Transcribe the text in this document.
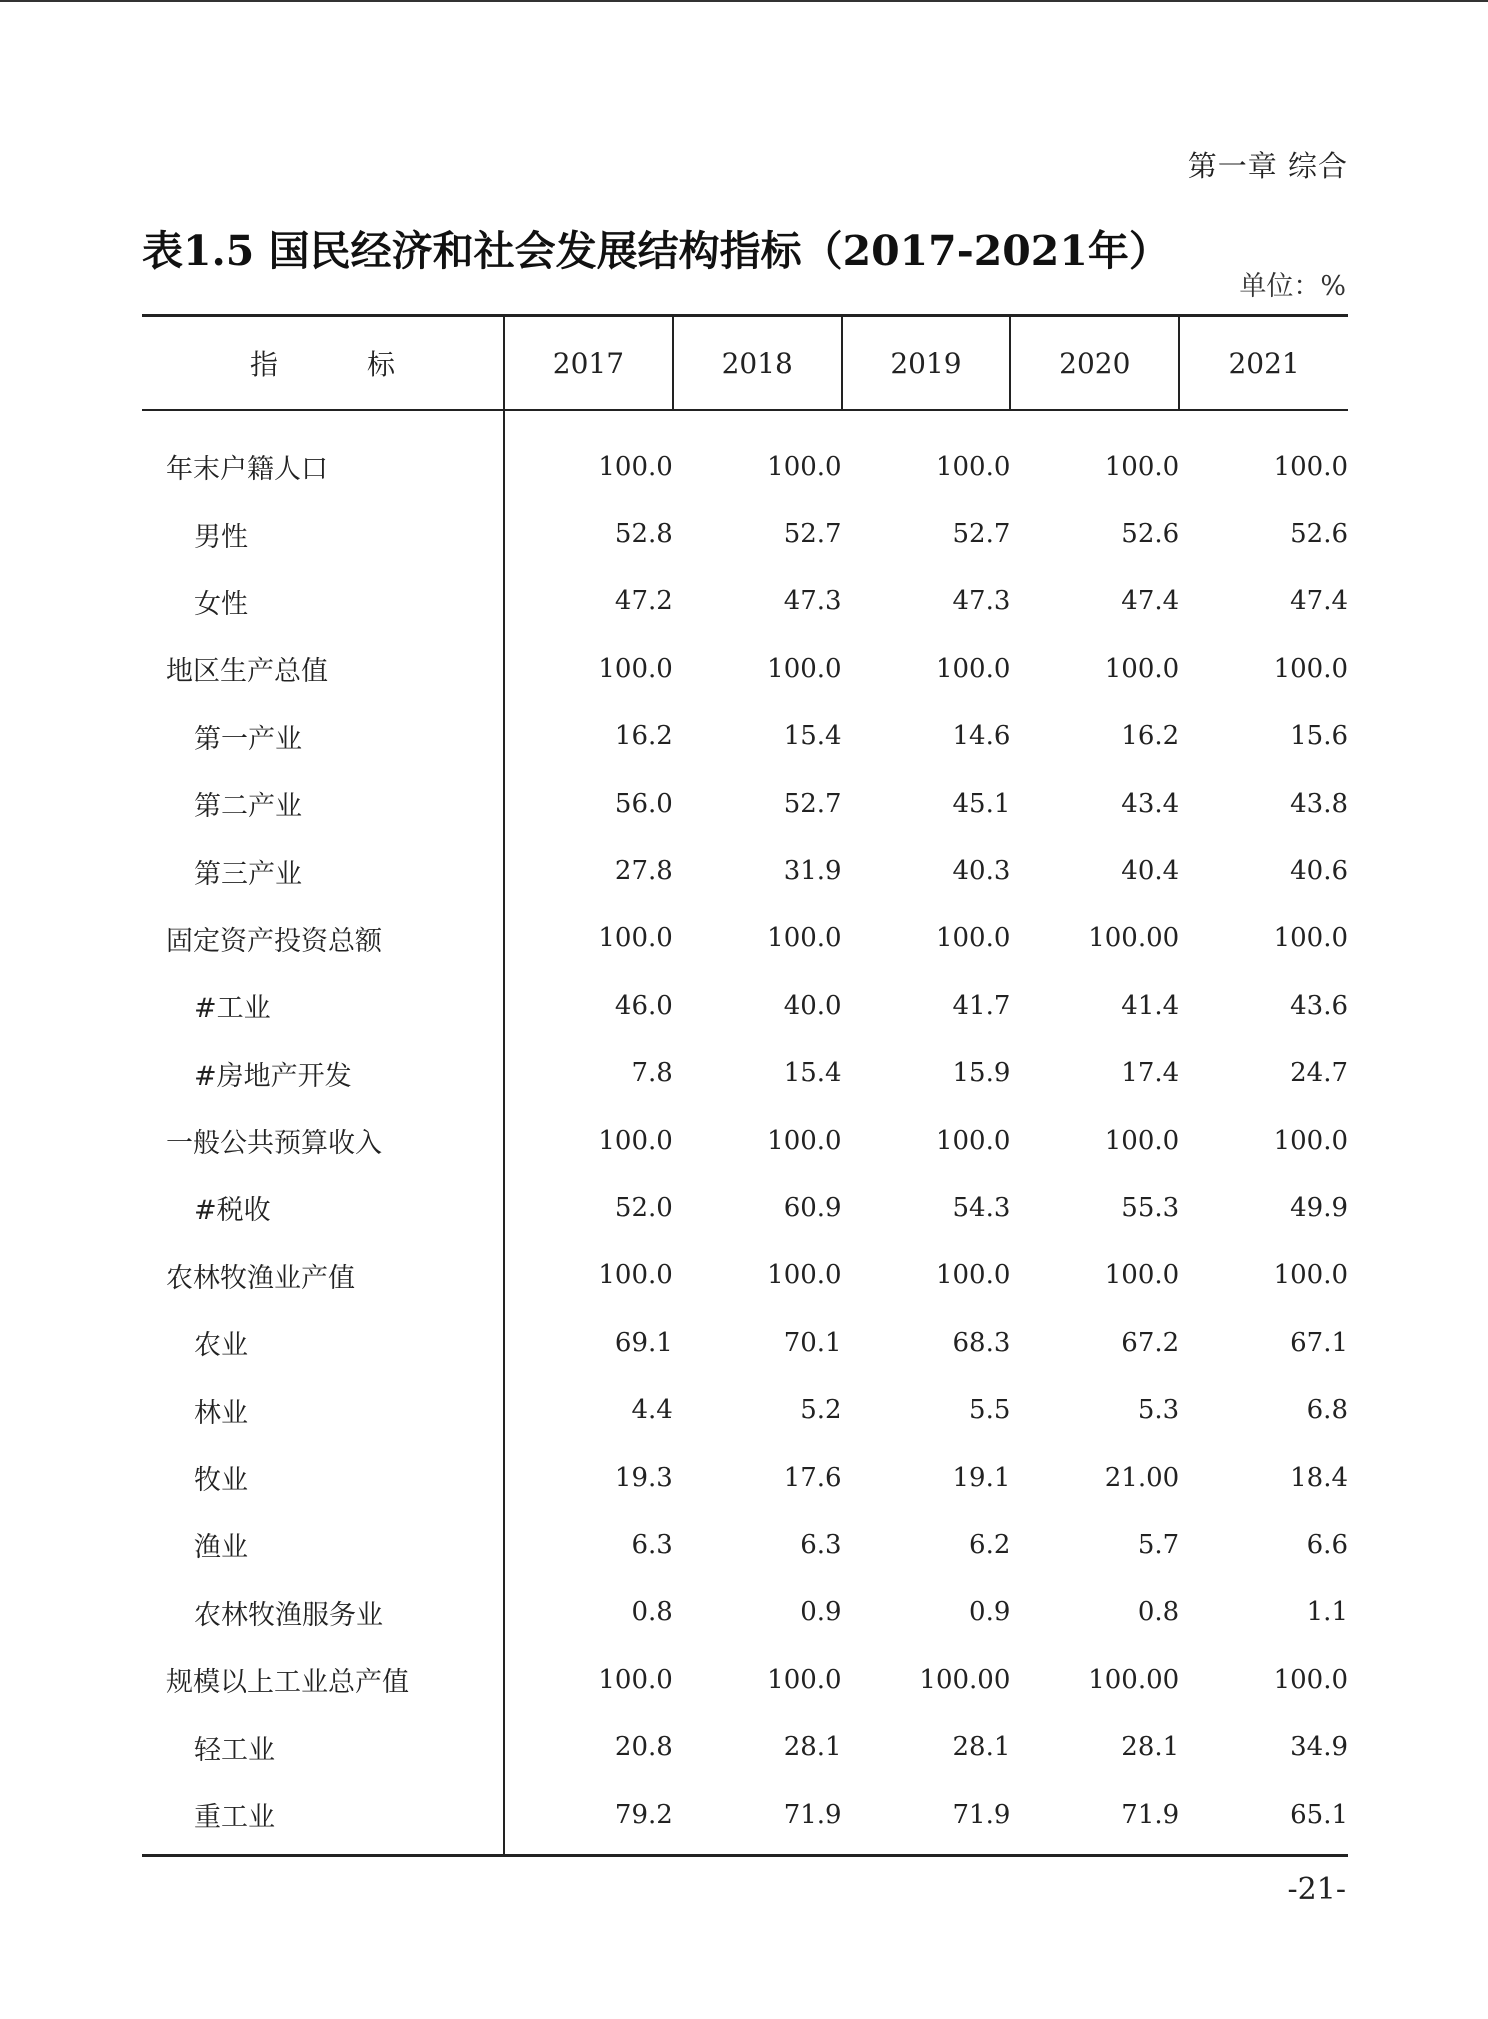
第一章 综合
表1.5 国民经济和社会发展结构指标（2017-2021年）
单位：%
指 标	2017	2018	2019	2020	2021
年末户籍人口	100.0	100.0	100.0	100.0	100.0
男性	52.8	52.7	52.7	52.6	52.6
女性	47.2	47.3	47.3	47.4	47.4
地区生产总值	100.0	100.0	100.0	100.0	100.0
第一产业	16.2	15.4	14.6	16.2	15.6
第二产业	56.0	52.7	45.1	43.4	43.8
第三产业	27.8	31.9	40.3	40.4	40.6
固定资产投资总额	100.0	100.0	100.0	100.00	100.0
#工业	46.0	40.0	41.7	41.4	43.6
#房地产开发	7.8	15.4	15.9	17.4	24.7
一般公共预算收入	100.0	100.0	100.0	100.0	100.0
#税收	52.0	60.9	54.3	55.3	49.9
农林牧渔业产值	100.0	100.0	100.0	100.0	100.0
农业	69.1	70.1	68.3	67.2	67.1
林业	4.4	5.2	5.5	5.3	6.8
牧业	19.3	17.6	19.1	21.00	18.4
渔业	6.3	6.3	6.2	5.7	6.6
农林牧渔服务业	0.8	0.9	0.9	0.8	1.1
规模以上工业总产值	100.0	100.0	100.00	100.00	100.0
轻工业	20.8	28.1	28.1	28.1	34.9
重工业	79.2	71.9	71.9	71.9	65.1
-21-
